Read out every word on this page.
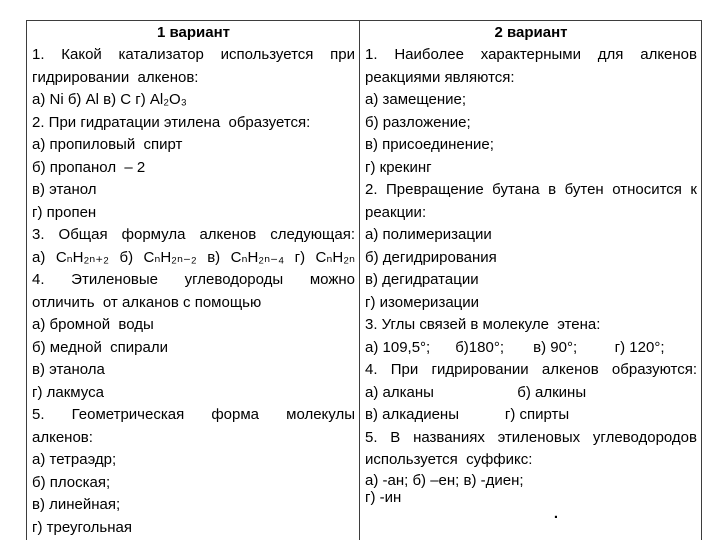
1 вариант
1. Какой катализатор используется при
гидрировании  алкенов:
а) Ni б) Al в) C г) Al₂O₃
2. При гидратации этилена  образуется:
а) пропиловый  спирт
б) пропанол  – 2
в) этанол
г) пропен
3. Общая формула алкенов следующая:
а) CₙH₂ₙ₊₂ б) CₙH₂ₙ₋₂ в) CₙH₂ₙ₋₄ г) CₙH₂ₙ
4. Этиленовые углеводороды можно
отличить  от алканов с помощью
а) бромной  воды
б) медной  спирали
в) этанола
г) лакмуса
5. Геометрическая форма молекулы
алкенов:
а) тетраэдр;
б) плоская;
в) линейная;
г) треугольная
2 вариант
1. Наиболее характерными для алкенов
реакциями являются:
а) замещение;
б) разложение;
в) присоединение;
г) крекинг
2. Превращение бутана в бутен относится к
реакции:
а) полимеризации
б) дегидрирования
в) дегидратации
г) изомеризации
3. Углы связей в молекуле  этена:
а) 109,5°;      б)180°;       в) 90°;         г) 120°;
4. При гидрировании алкенов образуются:
а) алканы                    б) алкины
в) алкадиены           г) спирты
5. В названиях этиленовых углеводородов
используется  суффикс:
а) -ан; б) –ен; в) -диен;
г) -ин
.
